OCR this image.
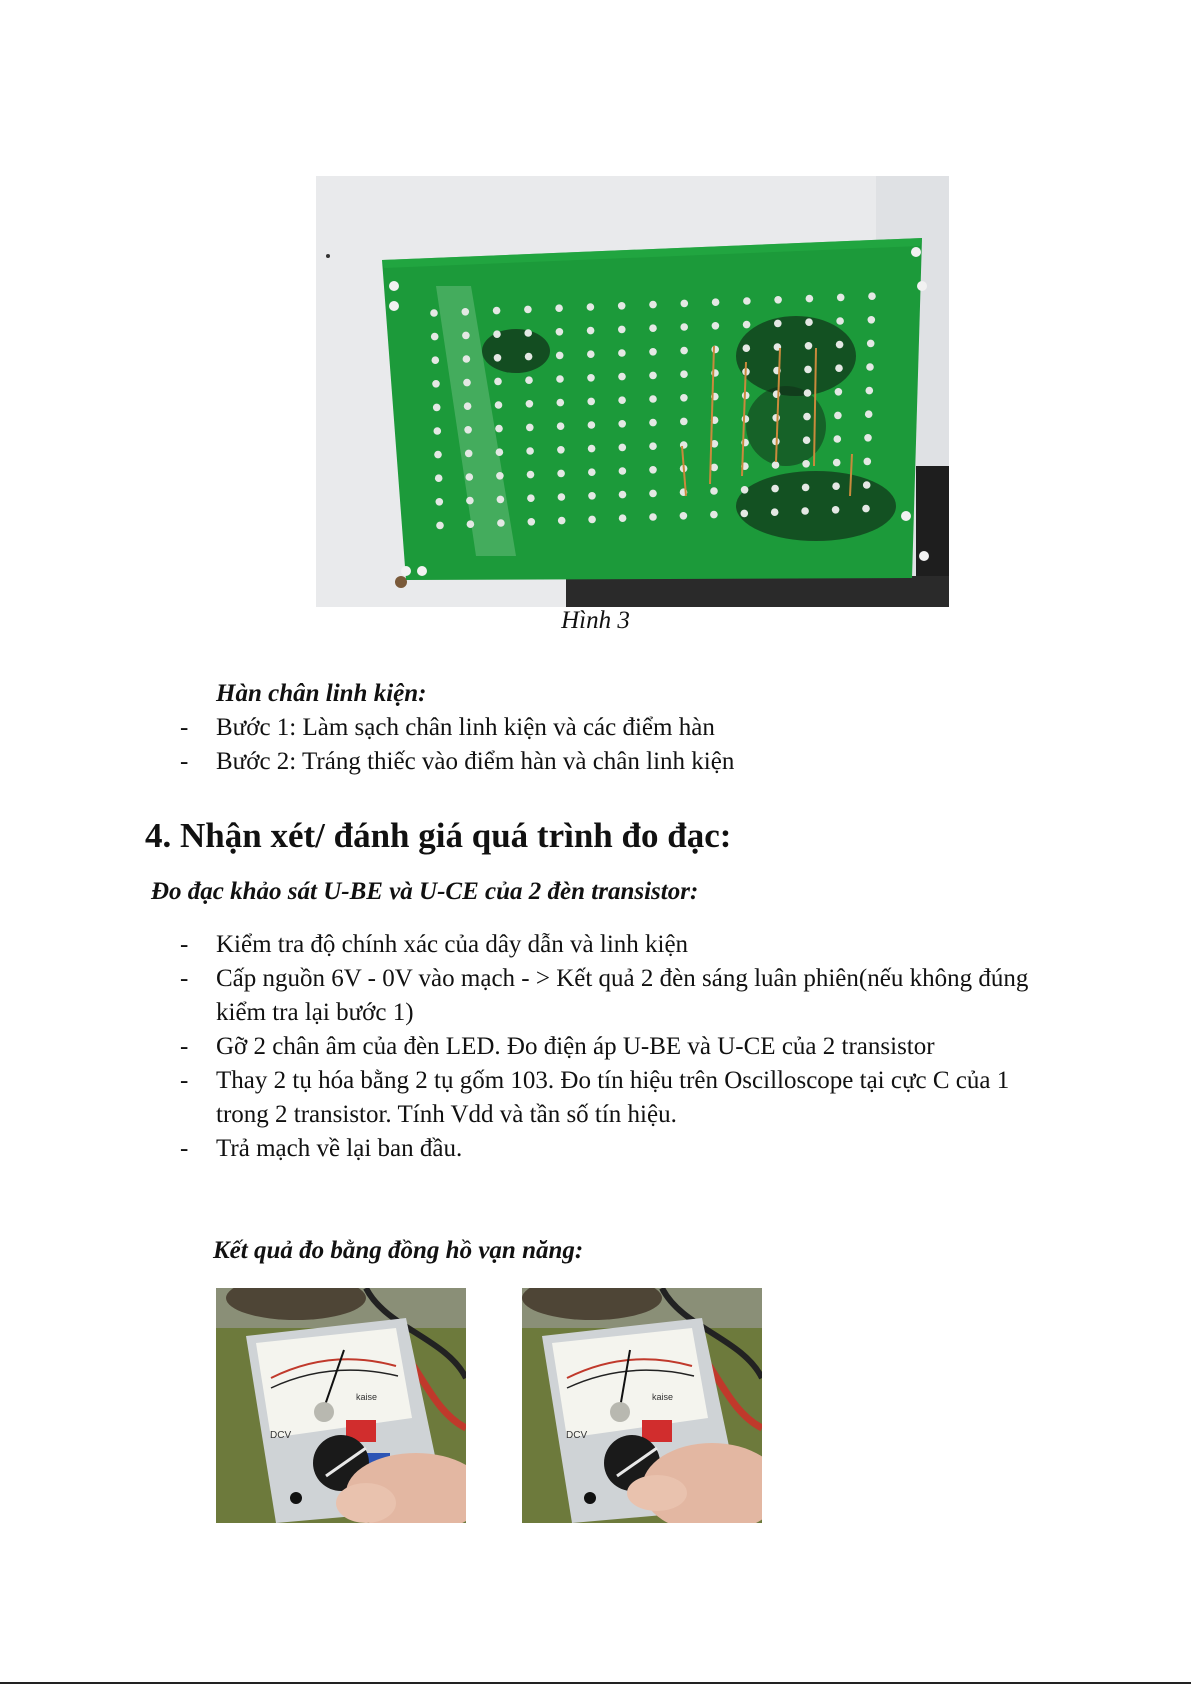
Hình 3
Hàn chân linh kiện:
- Bước 1: Làm sạch chân linh kiện và các điểm hàn
- Bước 2: Tráng thiếc vào điểm hàn và chân linh kiện
4. Nhận xét/ đánh giá quá trình đo đạc:
Đo đạc khảo sát U-BE và U-CE của 2 đèn transistor:
- Kiểm tra độ chính xác của dây dẫn và linh kiện
- Cấp nguồn 6V - 0V vào mạch - > Kết quả 2 đèn sáng luân phiên(nếu không đúng kiểm tra lại bước 1)
- Gỡ 2 chân âm của đèn LED. Đo điện áp U-BE và U-CE của 2 transistor
- Thay 2 tụ hóa bằng 2 tụ gốm 103. Đo tín hiệu trên Oscilloscope tại cực C của 1 trong 2 transistor. Tính Vdd và tần số tín hiệu.
- Trả mạch về lại ban đầu.
Kết quả đo bằng đồng hồ vạn năng:
kaise
DCV
kaise
DCV
